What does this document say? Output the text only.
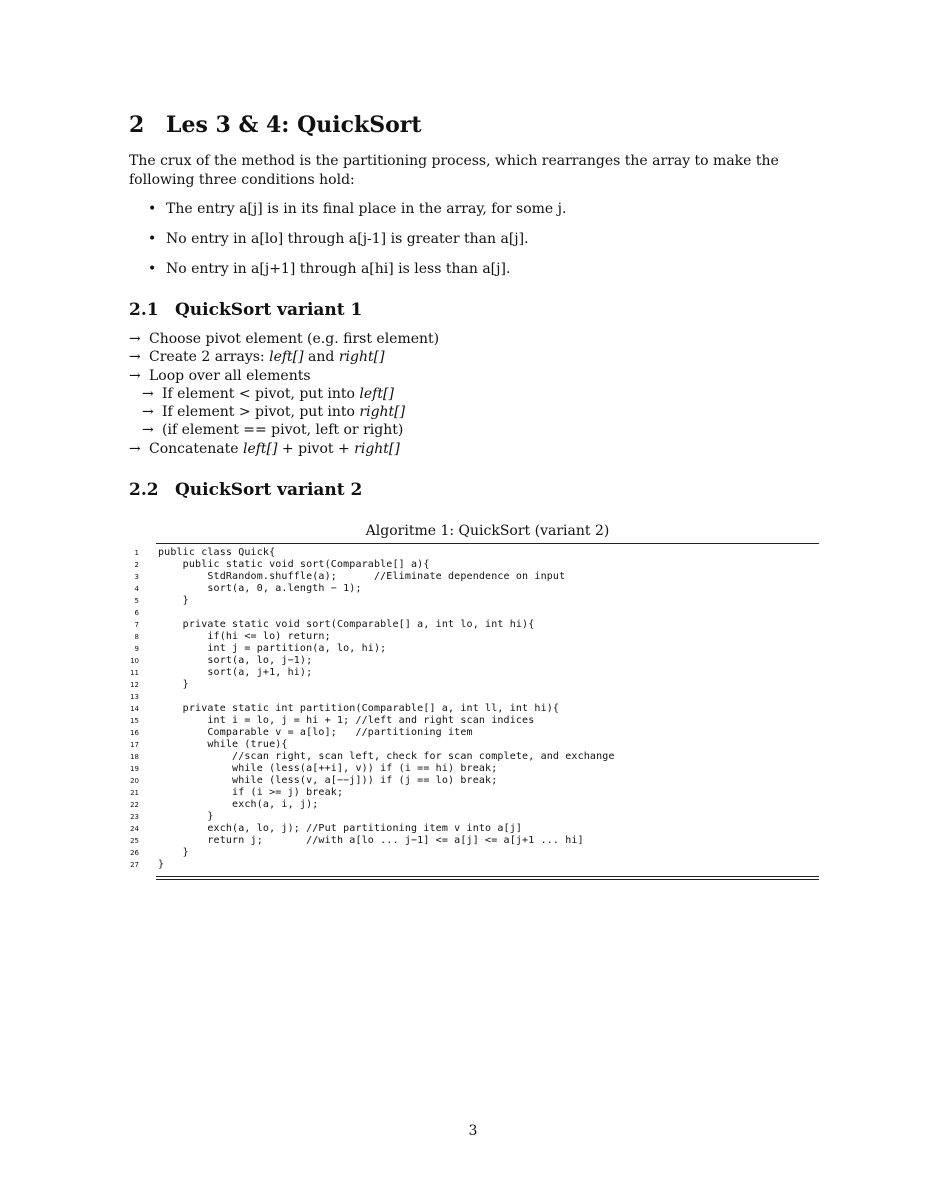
2 Les 3 & 4: QuickSort

The crux of the method is the partitioning process, which rearranges the array to make the following three conditions hold:

• The entry a[j] is in its final place in the array, for some j.
• No entry in a[lo] through a[j-1] is greater than a[j].
• No entry in a[j+1] through a[hi] is less than a[j].
2.1 QuickSort variant 1
→ Choose pivot element (e.g. first element)
→ Create 2 arrays: left[] and right[]
→ Loop over all elements
→ If element < pivot, put into left[]
→ If element > pivot, put into right[]
→ (if element == pivot, left or right)
→ Concatenate left[] + pivot + right[]
2.2 QuickSort variant 2
Algoritme 1: QuickSort (variant 2)
1 public class Quick{
2 public static void sort(Comparable[] a){
3 StdRandom.shuffle(a);      //Eliminate dependence on input
4 sort(a, 0, a.length − 1);
5 }
6
7 private static void sort(Comparable[] a, int lo, int hi){
8 if(hi <= lo) return;
9 int j = partition(a, lo, hi);
10 sort(a, lo, j−1);
11 sort(a, j+1, hi);
12 }
13
14 private static int partition(Comparable[] a, int ll, int hi){
15 int i = lo, j = hi + 1; //left and right scan indices
16 Comparable v = a[lo];   //partitioning item
17 while (true){
18 //scan right, scan left, check for scan complete, and exchange
19 while (less(a[++i], v)) if (i == hi) break;
20 while (less(v, a[−−j])) if (j == lo) break;
21 if (i >= j) break;
22 exch(a, i, j);
23 }
24 exch(a, lo, j); //Put partitioning item v into a[j]
25 return j;       //with a[lo ... j−1] <= a[j] <= a[j+1 ... hi]
26 }
27 }
3
